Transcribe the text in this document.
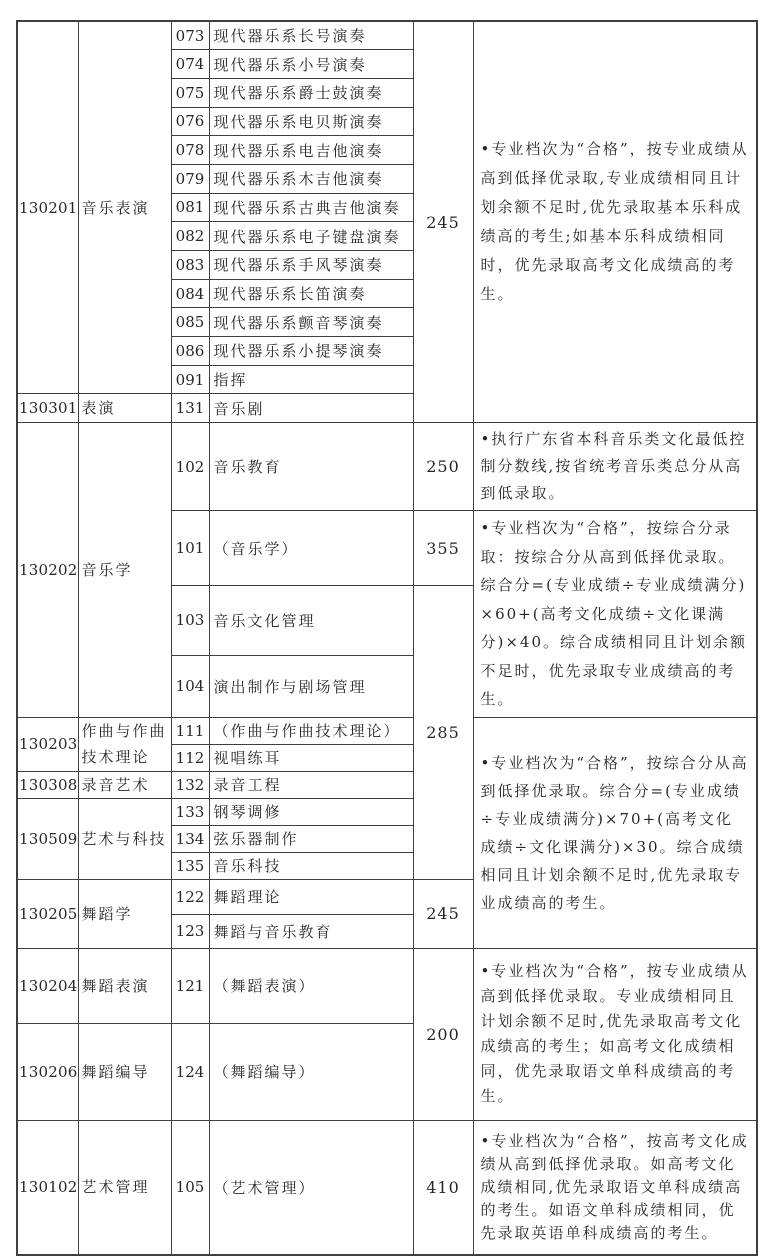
130201	音乐表演	073	现代器乐系长号演奏	245	•专业档次为“合格”，按专业成绩从高到低择优录取,专业成绩相同且计划余额不足时,优先录取基本乐科成绩高的考生;如基本乐科成绩相同时，优先录取高考文化成绩高的考生。
		074	现代器乐系小号演奏		
		075	现代器乐系爵士鼓演奏		
		076	现代器乐系电贝斯演奏		
		078	现代器乐系电吉他演奏		
		079	现代器乐系木吉他演奏		
		081	现代器乐系古典吉他演奏		
		082	现代器乐系电子键盘演奏		
		083	现代器乐系手风琴演奏		
		084	现代器乐系长笛演奏		
		085	现代器乐系颤音琴演奏		
		086	现代器乐系小提琴演奏		
		091	指挥		
130301	表演	131	音乐剧		
130202	音乐学	102	音乐教育	250	•执行广东省本科音乐类文化最低控制分数线,按省统考音乐类总分从高到低录取。
		101	（音乐学）	355	•专业档次为“合格”，按综合分录取：按综合分从高到低择优录取。综合分=(专业成绩÷专业成绩满分)×60+(高考文化成绩÷文化课满分)×40。综合成绩相同且计划余额不足时，优先录取专业成绩高的考生。
		103	音乐文化管理	285	
		104	演出制作与剧场管理		
130203	作曲与作曲技术理论	111	（作曲与作曲技术理论）		•专业档次为“合格”，按综合分从高到低择优录取。综合分=(专业成绩÷专业成绩满分)×70+(高考文化成绩÷文化课满分)×30。综合成绩相同且计划余额不足时,优先录取专业成绩高的考生。
		112	视唱练耳		
130308	录音艺术	132	录音工程		
130509	艺术与科技	133	钢琴调修		
		134	弦乐器制作		
		135	音乐科技		
130205	舞蹈学	122	舞蹈理论	245	
		123	舞蹈与音乐教育		
130204	舞蹈表演	121	（舞蹈表演）	200	•专业档次为“合格”，按专业成绩从高到低择优录取。专业成绩相同且计划余额不足时,优先录取高考文化成绩高的考生；如高考文化成绩相同，优先录取语文单科成绩高的考生。
130206	舞蹈编导	124	（舞蹈编导）		
130102	艺术管理	105	（艺术管理）	410	•专业档次为“合格”，按高考文化成绩从高到低择优录取。如高考文化成绩相同,优先录取语文单科成绩高的考生。如语文单科成绩相同，优先录取英语单科成绩高的考生。
